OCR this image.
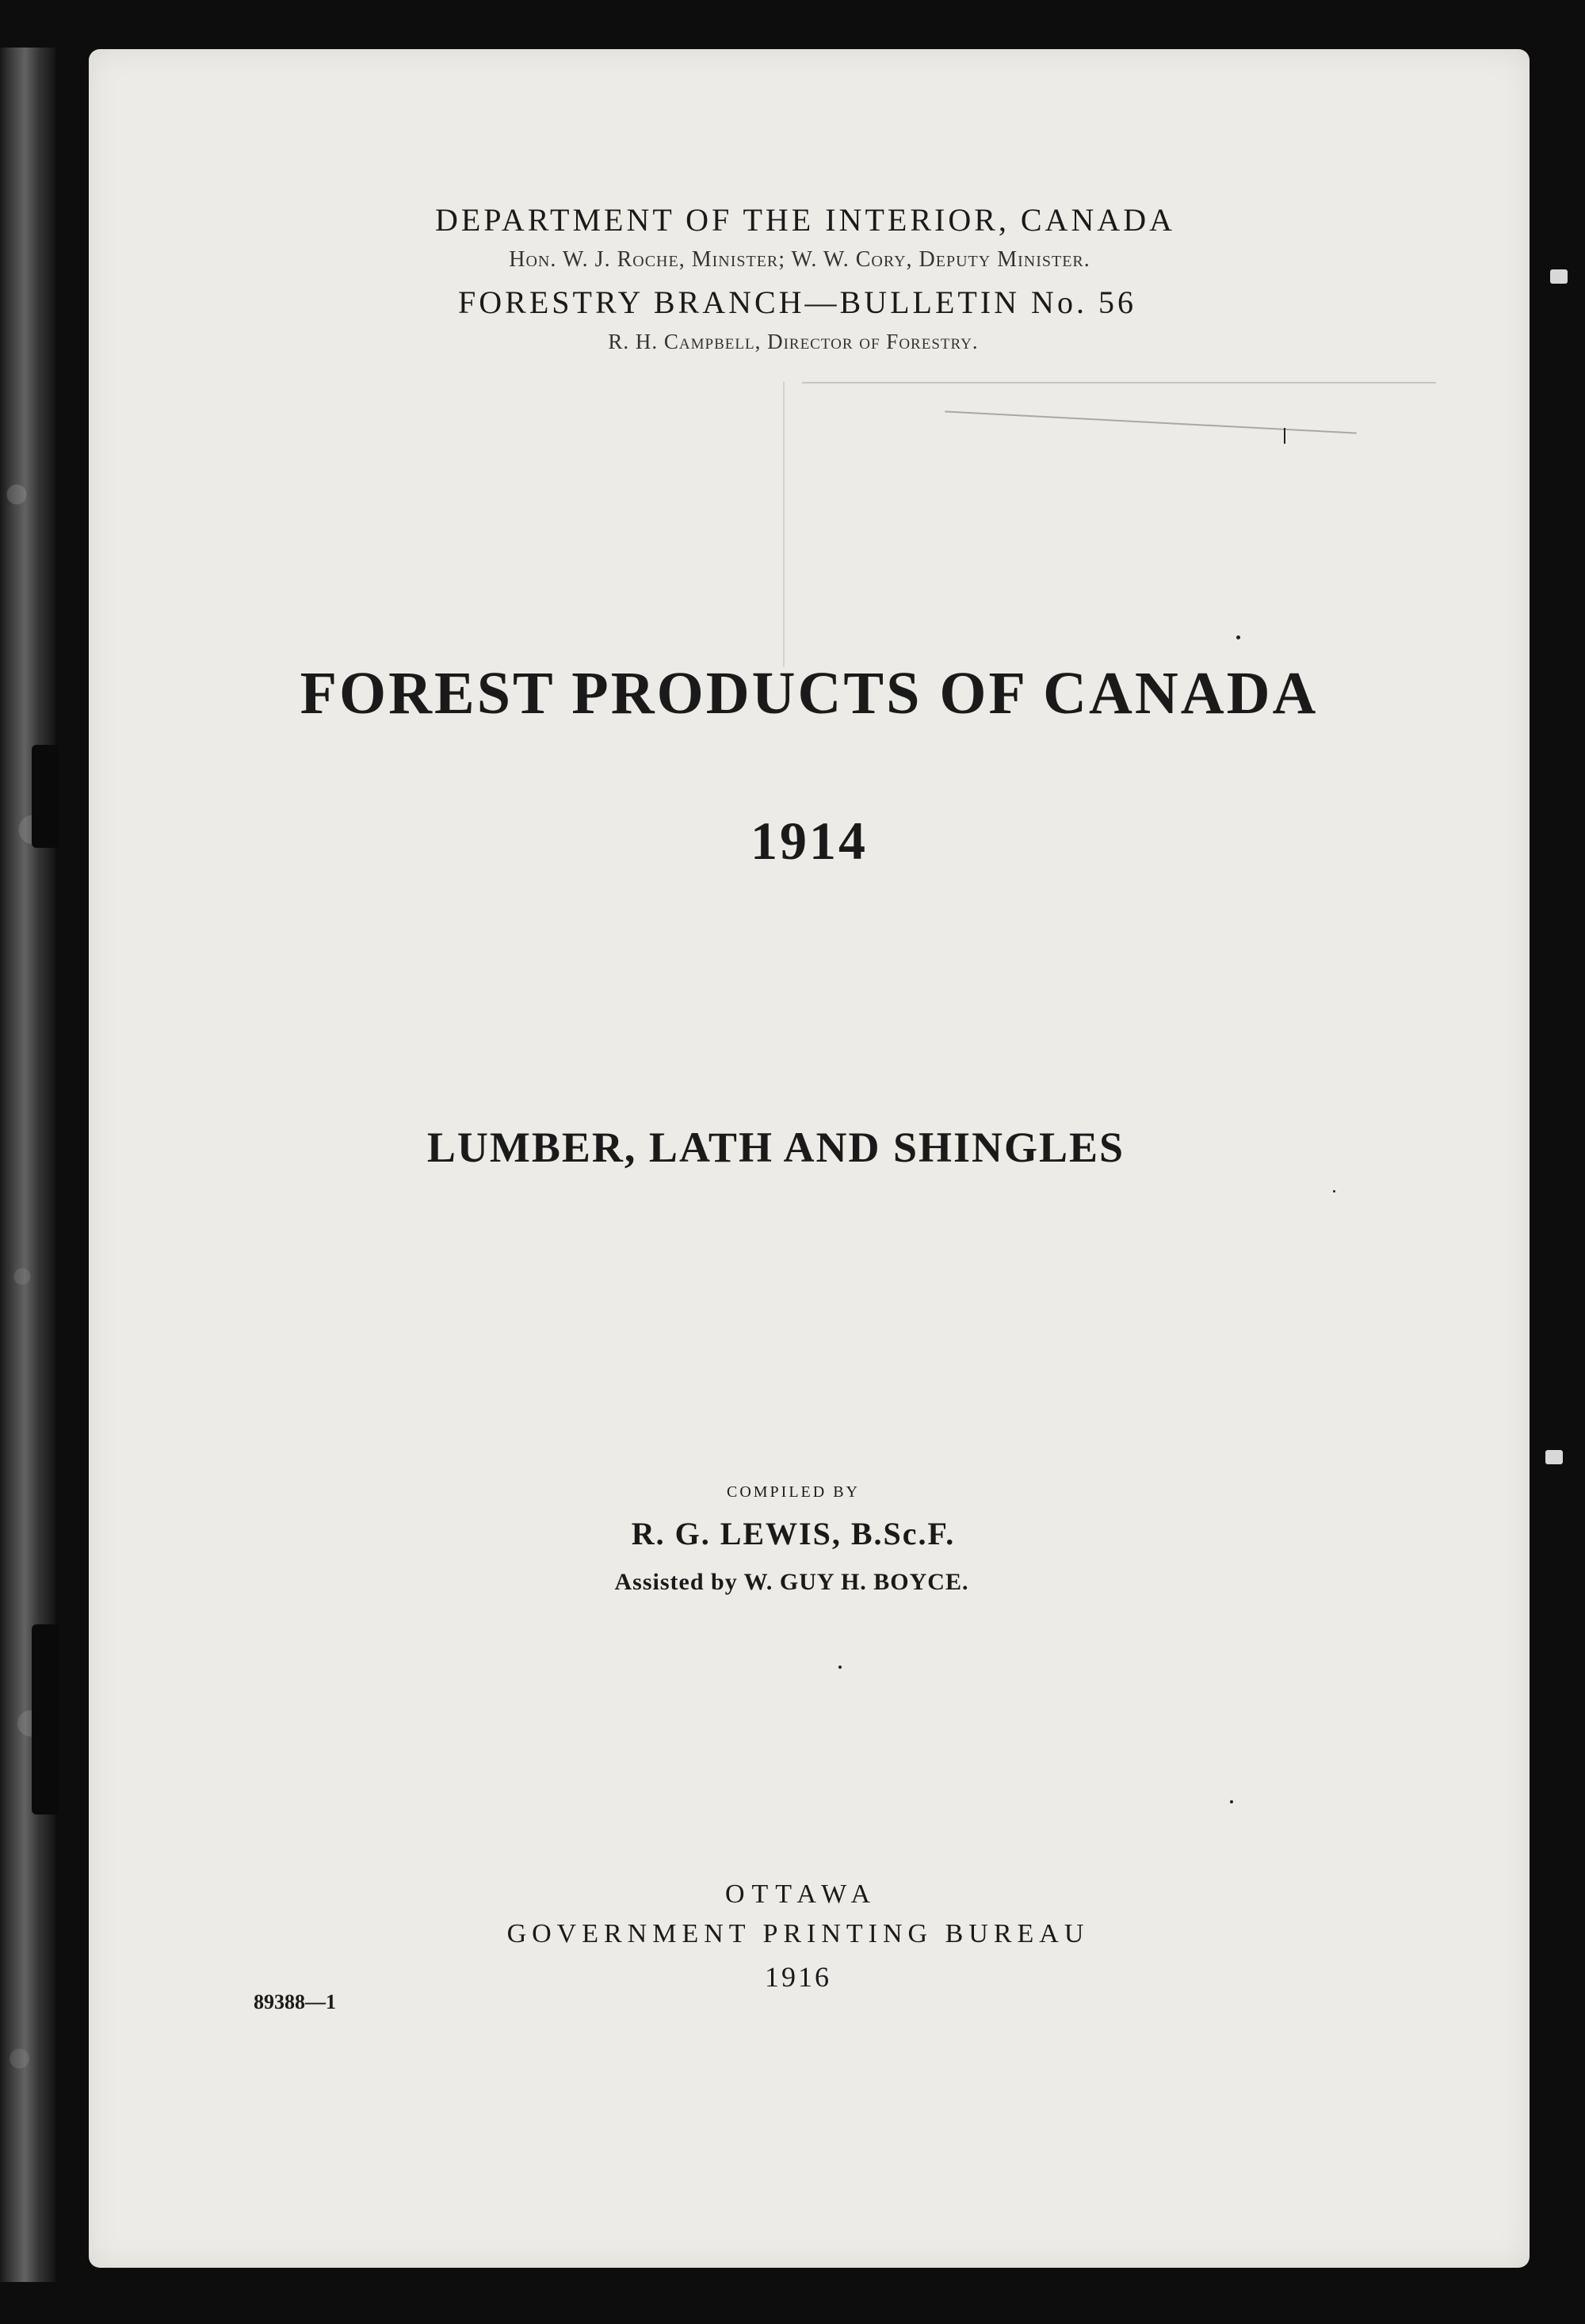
DEPARTMENT OF THE INTERIOR, CANADA
Hon. W. J. Roche, Minister; W. W. Cory, Deputy Minister.
FORESTRY BRANCH—BULLETIN No. 56
R. H. Campbell, Director of Forestry.
FOREST PRODUCTS OF CANADA
1914
LUMBER, LATH AND SHINGLES
COMPILED BY
R. G. LEWIS, B.Sc.F.
Assisted by W. GUY H. BOYCE.
OTTAWA
GOVERNMENT PRINTING BUREAU
1916
89388—1
